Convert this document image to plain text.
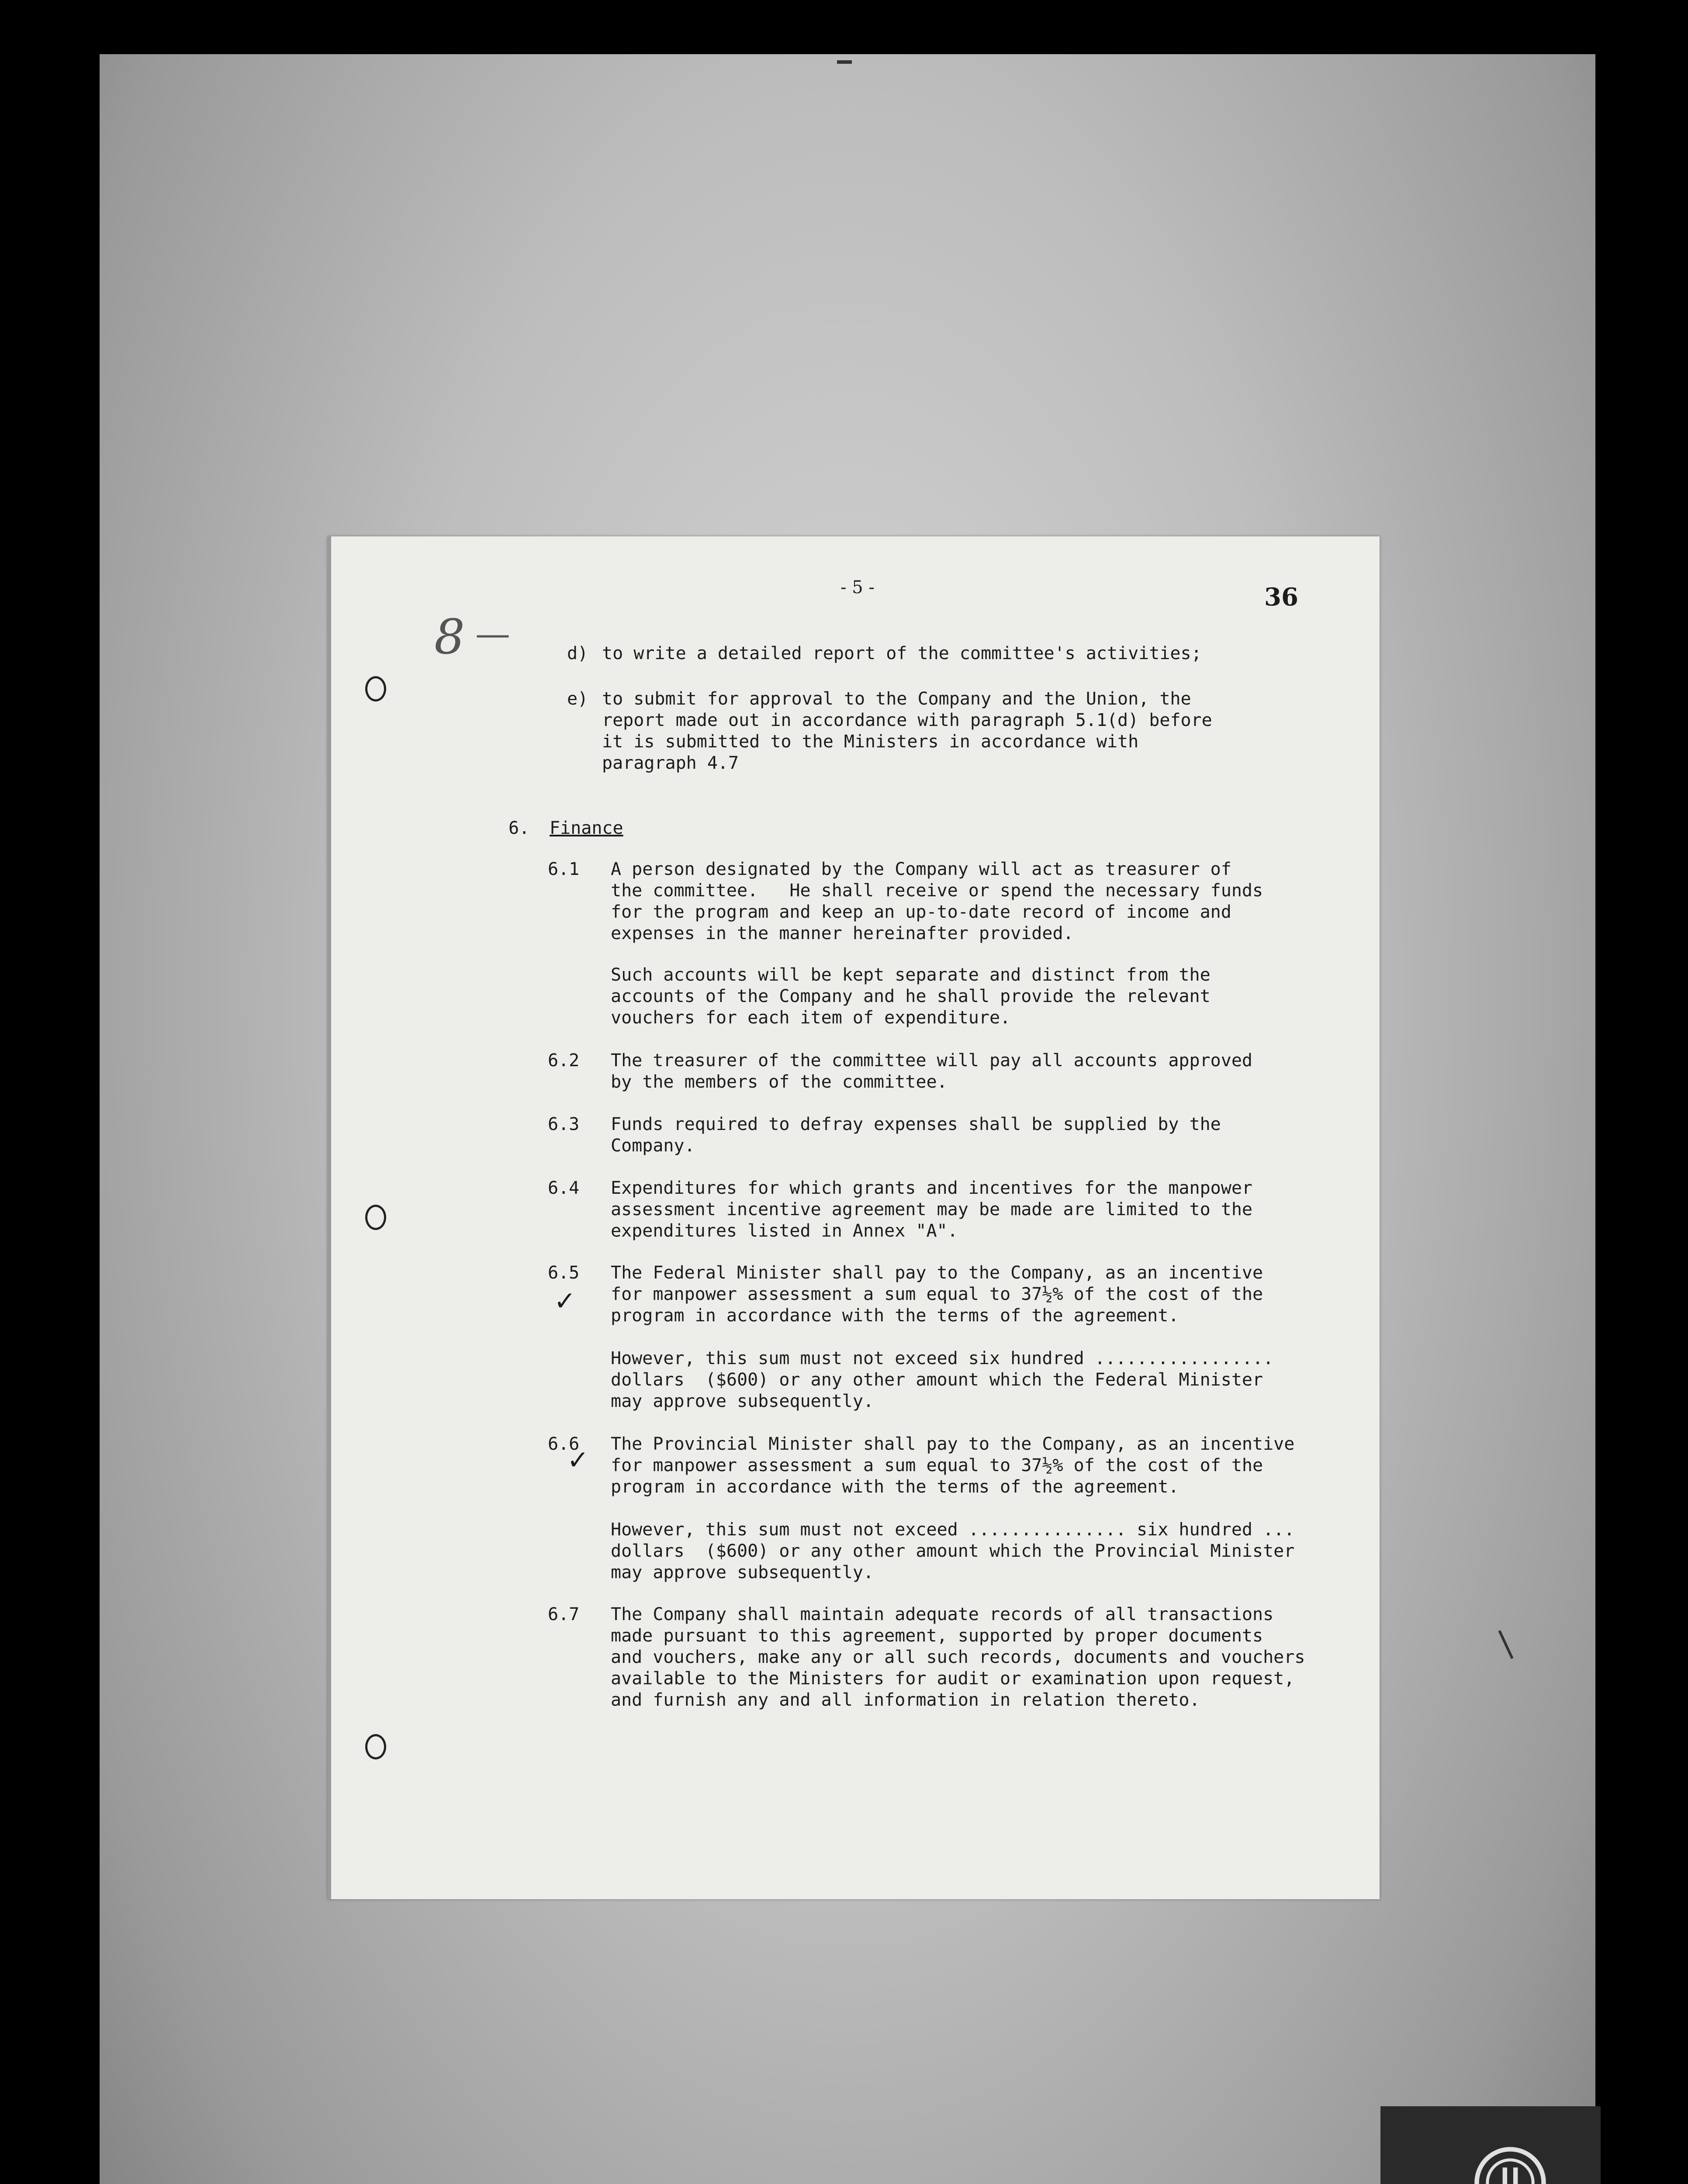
- 5 -	36
8 —	d) to write a detailed report of the committee's activities;
e) to submit for approval to the Company and the Union, the
report made out in accordance with paragraph 5.1(d) before
it is submitted to the Ministers in accordance with
paragraph 4.7
6. Finance
6.1 A person designated by the Company will act as treasurer of
the committee.   He shall receive or spend the necessary funds
for the program and keep an up-to-date record of income and
expenses in the manner hereinafter provided.
Such accounts will be kept separate and distinct from the
accounts of the Company and he shall provide the relevant
vouchers for each item of expenditure.
6.2 The treasurer of the committee will pay all accounts approved
by the members of the committee.
6.3 Funds required to defray expenses shall be supplied by the
Company.
6.4 Expenditures for which grants and incentives for the manpower
assessment incentive agreement may be made are limited to the
expenditures listed in Annex "A".
6.5 The Federal Minister shall pay to the Company, as an incentive
for manpower assessment a sum equal to 37½% of the cost of the
program in accordance with the terms of the agreement.
✓
However, this sum must not exceed six hundred .................
dollars  ($600) or any other amount which the Federal Minister
may approve subsequently.
6.6 The Provincial Minister shall pay to the Company, as an incentive
for manpower assessment a sum equal to 37½% of the cost of the
program in accordance with the terms of the agreement.
✓
However, this sum must not exceed ............... six hundred ...
dollars  ($600) or any other amount which the Provincial Minister
may approve subsequently.
6.7 The Company shall maintain adequate records of all transactions
made pursuant to this agreement, supported by proper documents
and vouchers, make any or all such records, documents and vouchers
available to the Ministers for audit or examination upon request,
and furnish any and all information in relation thereto.
